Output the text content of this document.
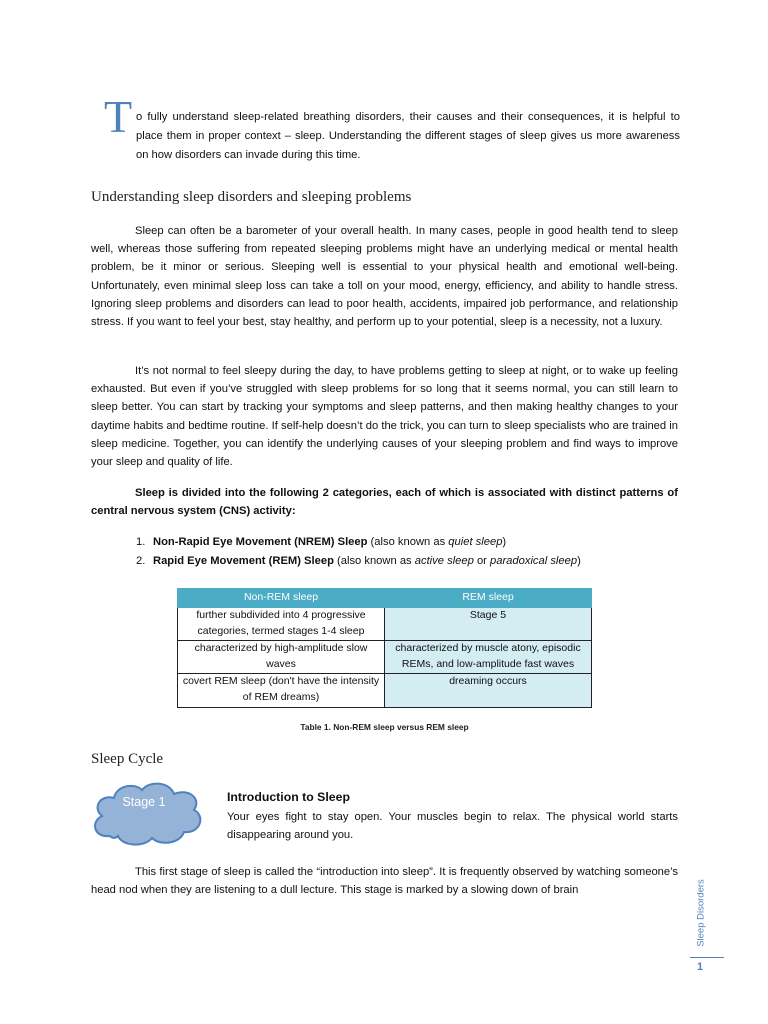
T o fully understand sleep-related breathing disorders, their causes and their consequences, it is helpful to place them in proper context – sleep. Understanding the different stages of sleep gives us more awareness on how disorders can invade during this time.

Understanding sleep disorders and sleeping problems

Sleep can often be a barometer of your overall health. In many cases, people in good health tend to sleep well, whereas those suffering from repeated sleeping problems might have an underlying medical or mental health problem, be it minor or serious. Sleeping well is essential to your physical health and emotional well-being. Unfortunately, even minimal sleep loss can take a toll on your mood, energy, efficiency, and ability to handle stress. Ignoring sleep problems and disorders can lead to poor health, accidents, impaired job performance, and relationship stress. If you want to feel your best, stay healthy, and perform up to your potential, sleep is a necessity, not a luxury.

It’s not normal to feel sleepy during the day, to have problems getting to sleep at night, or to wake up feeling exhausted. But even if you’ve struggled with sleep problems for so long that it seems normal, you can still learn to sleep better. You can start by tracking your symptoms and sleep patterns, and then making healthy changes to your daytime habits and bedtime routine. If self-help doesn’t do the trick, you can turn to sleep specialists who are trained in sleep medicine. Together, you can identify the underlying causes of your sleeping problem and find ways to improve your sleep and quality of life.

Sleep is divided into the following 2 categories, each of which is associated with distinct patterns of central nervous system (CNS) activity:

1. Non-Rapid Eye Movement (NREM) Sleep (also known as quiet sleep)
2. Rapid Eye Movement (REM) Sleep (also known as active sleep or paradoxical sleep)
Non-REM sleep	REM sleep
further subdivided into 4 progressive categories, termed stages 1-4 sleep	Stage 5
characterized by high-amplitude slow waves	characterized by muscle atony, episodic REMs, and low-amplitude fast waves
covert REM sleep (don't have the intensity of REM dreams)	dreaming occurs
Table 1. Non-REM sleep versus REM sleep
Sleep Cycle
Stage 1	Introduction to Sleep

Your eyes fight to stay open. Your muscles begin to relax. The physical world starts disappearing around you.

This first stage of sleep is called the “introduction into sleep”. It is frequently observed by watching someone’s head nod when they are listening to a dull lecture. This stage is marked by a slowing down of brain	Sleep Disorders
1
